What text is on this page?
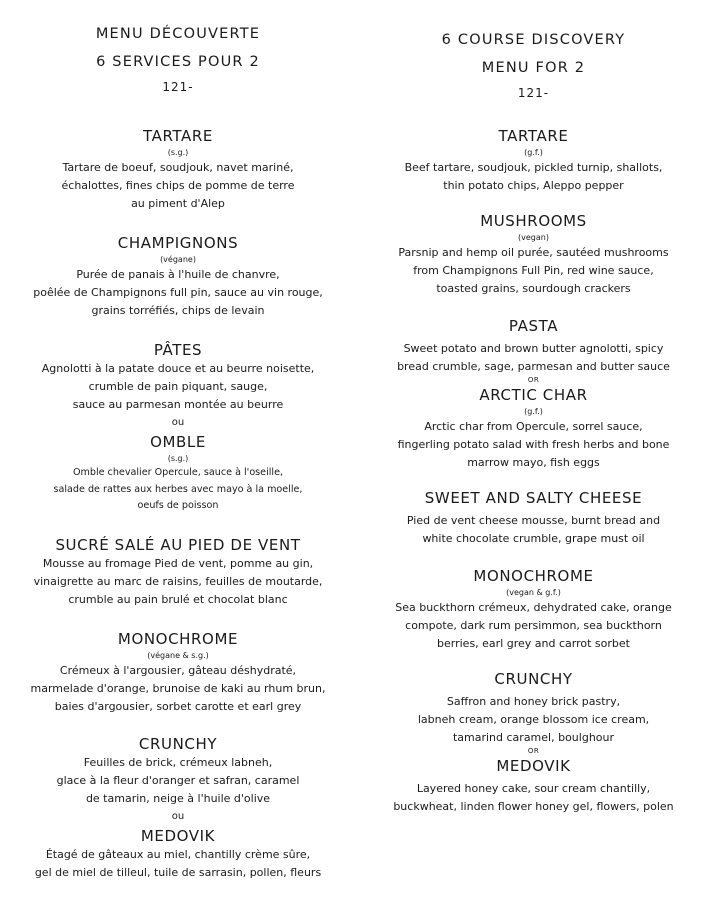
MENU DÉCOUVERTE
6 SERVICES POUR 2
121-
TARTARE
(s.g.)
Tartare de boeuf, soudjouk, navet mariné,
échalottes, fines chips de pomme de terre
au piment d'Alep
CHAMPIGNONS
(végane)
Purée de panais à l'huile de chanvre,
poêlée de Champignons full pin, sauce au vin rouge,
grains torréfiés, chips de levain
PÂTES
Agnolotti à la patate douce et au beurre noisette,
crumble de pain piquant, sauge,
sauce au parmesan montée au beurre
ou
OMBLE
(s.g.)
Omble chevalier Opercule, sauce à l'oseille,
salade de rattes aux herbes avec mayo à la moelle,
oeufs de poisson
SUCRÉ SALÉ AU PIED DE VENT
Mousse au fromage Pied de vent, pomme au gin,
vinaigrette au marc de raisins, feuilles de moutarde,
crumble au pain brulé et chocolat blanc
MONOCHROME
(végane & s.g.)
Crémeux à l'argousier, gâteau déshydraté,
marmelade d'orange, brunoise de kaki au rhum brun,
baies d'argousier, sorbet carotte et earl grey
CRUNCHY
Feuilles de brick, crémeux labneh,
glace à la fleur d'oranger et safran, caramel
de tamarin, neige à l'huile d'olive
ou
MEDOVIK
Étagé de gâteaux au miel, chantilly crème sûre,
gel de miel de tilleul, tuile de sarrasin, pollen, fleurs
6 COURSE DISCOVERY
MENU FOR 2
121-
TARTARE
(g.f.)
Beef tartare, soudjouk, pickled turnip, shallots,
thin potato chips, Aleppo pepper
MUSHROOMS
(vegan)
Parsnip and hemp oil purée, sautéed mushrooms
from Champignons Full Pin, red wine sauce,
toasted grains, sourdough crackers
PASTA
Sweet potato and brown butter agnolotti, spicy
bread crumble, sage, parmesan and butter sauce
OR
ARCTIC CHAR
(g.f.)
Arctic char from Opercule, sorrel sauce,
fingerling potato salad with fresh herbs and bone
marrow mayo, fish eggs
SWEET AND SALTY CHEESE
Pied de vent cheese mousse, burnt bread and
white chocolate crumble, grape must oil
MONOCHROME
(vegan & g.f.)
Sea buckthorn crémeux, dehydrated cake, orange
compote, dark rum persimmon, sea buckthorn
berries, earl grey and carrot sorbet
CRUNCHY
Saffron and honey brick pastry,
labneh cream, orange blossom ice cream,
tamarind caramel, boulghour
OR
MEDOVIK
Layered honey cake, sour cream chantilly,
buckwheat, linden flower honey gel, flowers, polen
